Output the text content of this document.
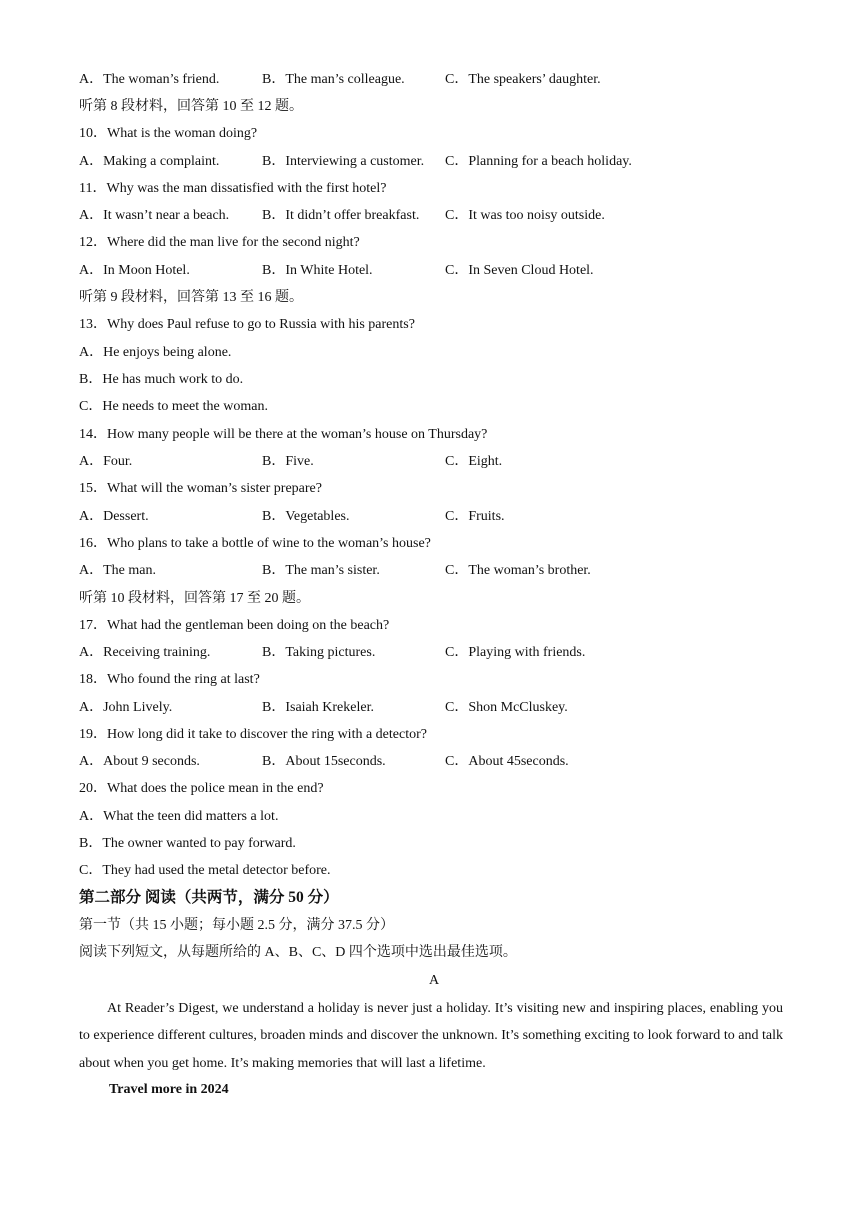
A．The woman’s friend.	B．The man’s colleague.	C．The speakers’ daughter.
听第 8 段材料，回答第 10 至 12 题。
10．What is the woman doing?
A．Making a complaint.	B．Interviewing a customer. C．Planning for a beach holiday.
11．Why was the man dissatisfied with the first hotel?
A．It wasn’t near a beach. B．It didn’t offer breakfast. C．It was too noisy outside.
12．Where did the man live for the second night?
A．In Moon Hotel.	B．In White Hotel.	C．In Seven Cloud Hotel.
听第 9 段材料，回答第 13 至 16 题。
13．Why does Paul refuse to go to Russia with his parents?
A．He enjoys being alone.
B．He has much work to do.
C．He needs to meet the woman.
14．How many people will be there at the woman’s house on Thursday?
A．Four.	B．Five.	C．Eight.
15．What will the woman’s sister prepare?
A．Dessert.	B．Vegetables.	C．Fruits.
16．Who plans to take a bottle of wine to the woman’s house?
A．The man.	B．The man’s sister.	C．The woman’s brother.
听第 10 段材料，回答第 17 至 20 题。
17．What had the gentleman been doing on the beach?
A．Receiving training.	B．Taking pictures.	C．Playing with friends.
18．Who found the ring at last?
A．John Lively.	B．Isaiah Krekeler.	C．Shon McCluskey.
19．How long did it take to discover the ring with a detector?
A．About 9 seconds.	B．About 15seconds.	C．About 45seconds.
20．What does the police mean in the end?
A．What the teen did matters a lot.
B．The owner wanted to pay forward.
C．They had used the metal detector before.
第二部分 阅读（共两节，满分 50 分）
第一节（共 15 小题；每小题 2.5 分，满分 37.5 分）
阅读下列短文，从每题所给的 A、B、C、D 四个选项中选出最佳选项。
A
At Reader’s Digest, we understand a holiday is never just a holiday. It’s visiting new and inspiring places, enabling you to experience different cultures, broaden minds and discover the unknown. It’s something exciting to look forward to and talk about when you get home. It’s making memories that will last a lifetime.
Travel more in 2024
